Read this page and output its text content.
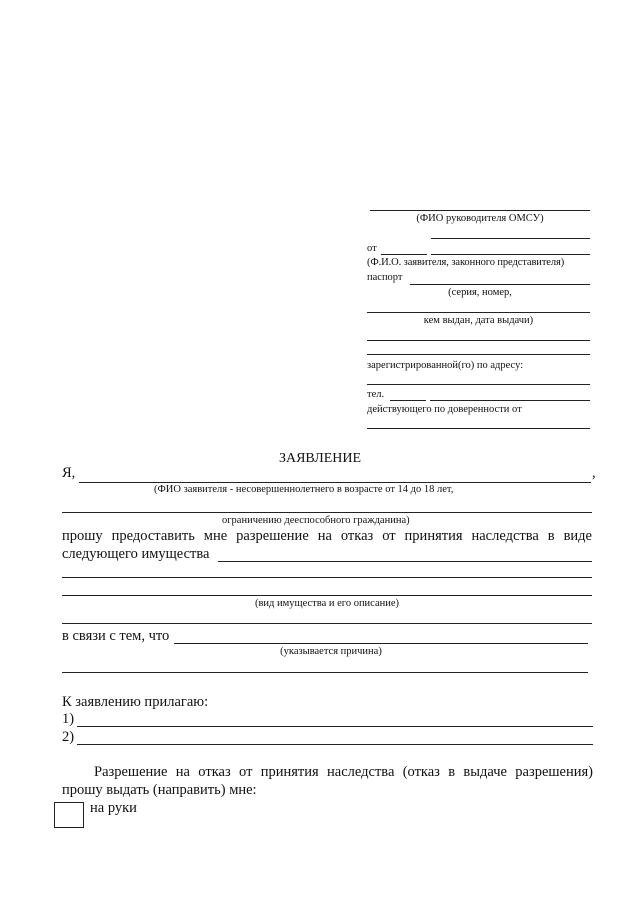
(ФИО руководителя ОМСУ)
от
(Ф.И.О. заявителя, законного представителя)
паспорт
(серия, номер,
кем выдан, дата выдачи)
зарегистрированной(го) по адресу:
тел.
действующего по доверенности от
ЗАЯВЛЕНИЕ
Я,	,
(ФИО заявителя - несовершеннолетнего в возрасте от 14 до 18 лет,
ограничению дееспособного гражданина)
прошу предоставить мне разрешение на отказ от принятия наследства в виде
следующего имущества
(вид имущества и его описание)
в связи с тем, что
(указывается причина)
К заявлению прилагаю:
1)
2)
Разрешение на отказ от принятия наследства (отказ в выдаче разрешения)
прошу выдать (направить) мне:
на руки
